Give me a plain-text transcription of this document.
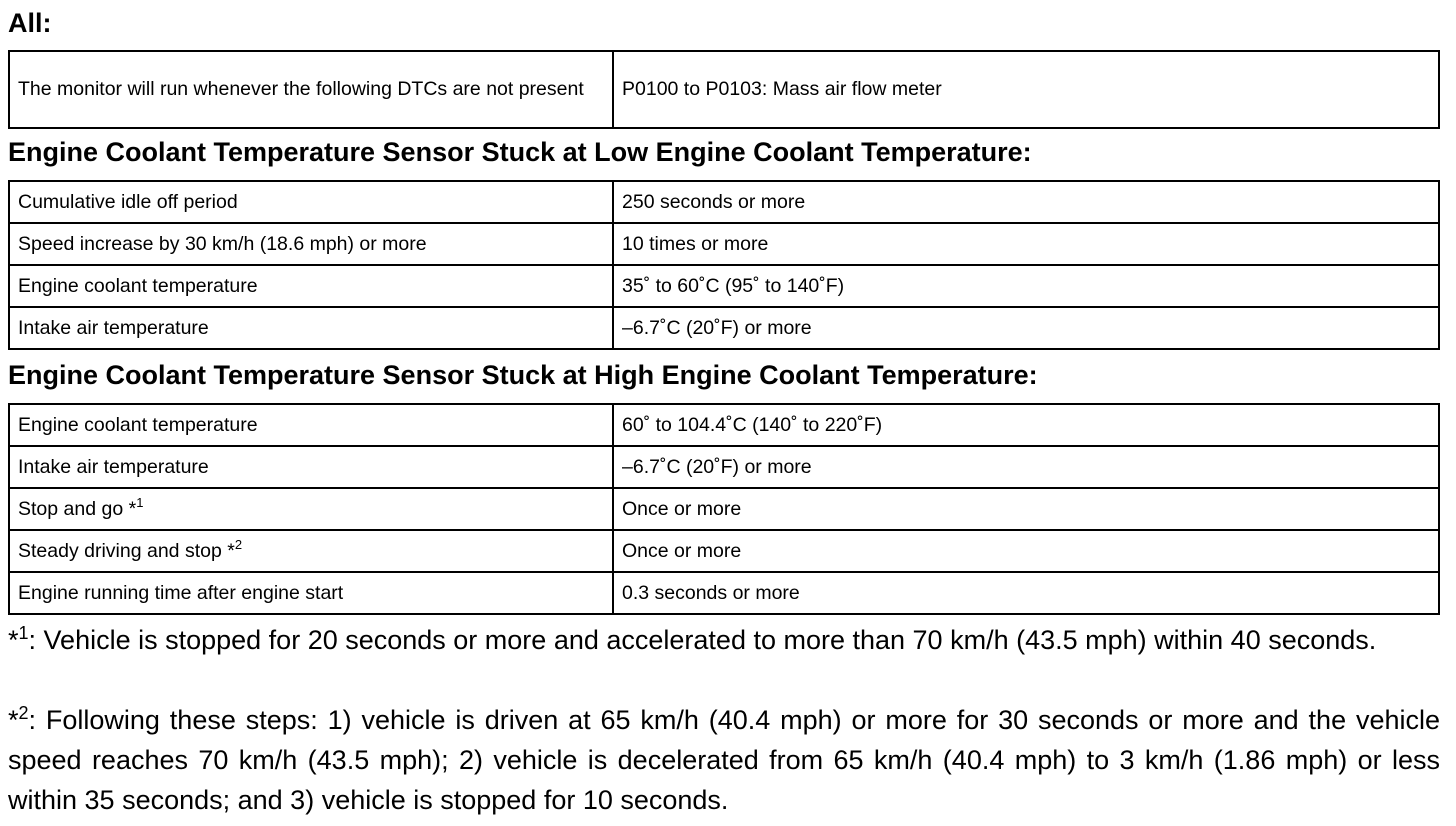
All:
The monitor will run whenever the following DTCs are not present	P0100 to P0103: Mass air flow meter
Engine Coolant Temperature Sensor Stuck at Low Engine Coolant Temperature:
Cumulative idle off period	250 seconds or more
Speed increase by 30 km/h (18.6 mph) or more	10 times or more
Engine coolant temperature	35˚ to 60˚C (95˚ to 140˚F)
Intake air temperature	–6.7˚C (20˚F) or more
Engine Coolant Temperature Sensor Stuck at High Engine Coolant Temperature:
Engine coolant temperature	60˚ to 104.4˚C (140˚ to 220˚F)
Intake air temperature	–6.7˚C (20˚F) or more
Stop and go *$^1$	Once or more
Steady driving and stop *$^2$	Once or more
Engine running time after engine start	0.3 seconds or more
*$^1$: Vehicle is stopped for 20 seconds or more and accelerated to more than 70 km/h (43.5 mph) within 40 seconds.
*$^2$: Following these steps: 1) vehicle is driven at 65 km/h (40.4 mph) or more for 30 seconds or more and the vehicle speed reaches 70 km/h (43.5 mph); 2) vehicle is decelerated from 65 km/h (40.4 mph) to 3 km/h (1.86 mph) or less within 35 seconds; and 3) vehicle is stopped for 10 seconds.
